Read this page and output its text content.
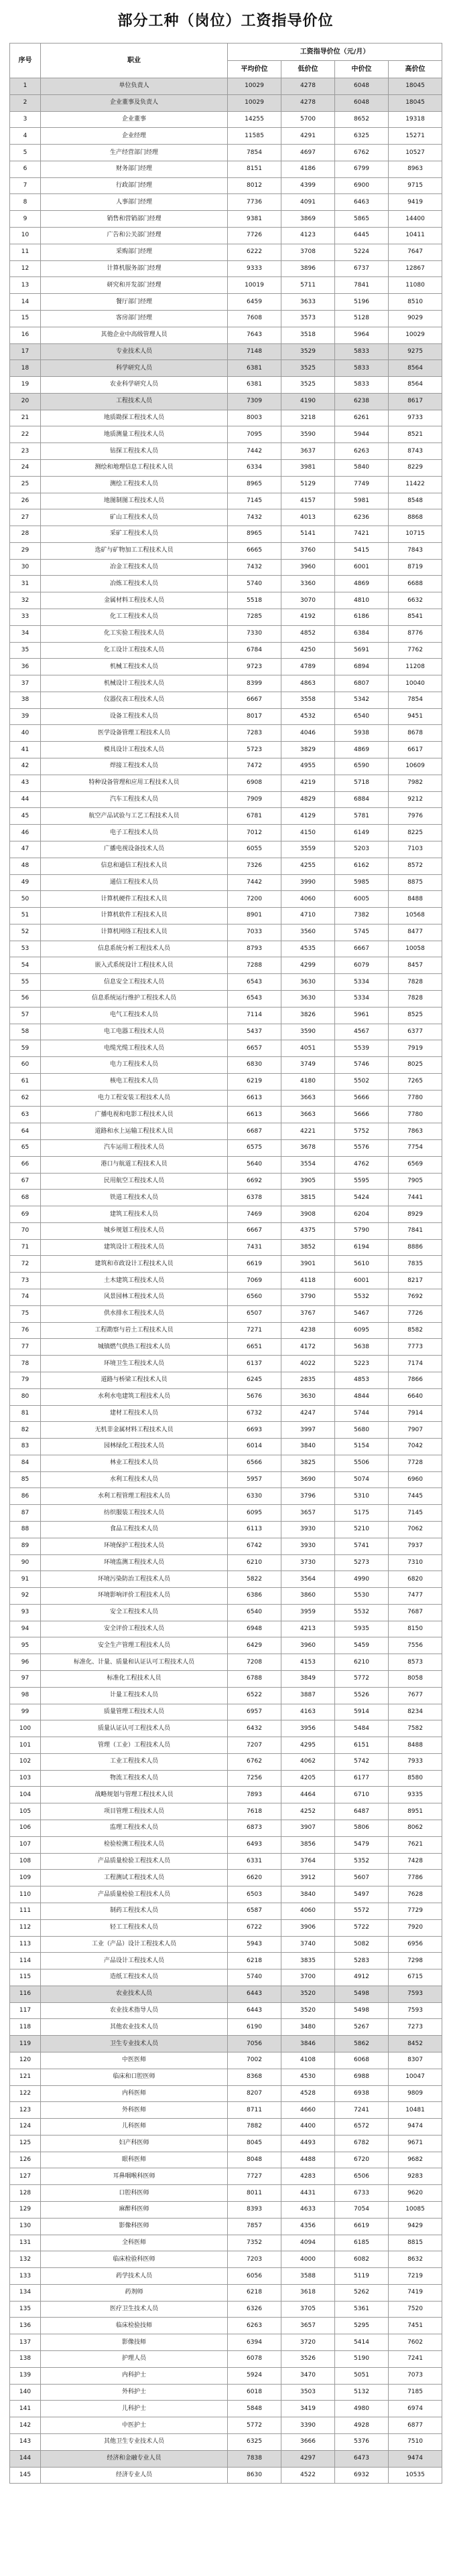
部分工种（岗位）工资指导价位
序号	职业	工资指导价位（元/月）			
		平均价位	低价位	中价位	高价位
1	单位负责人	10029	4278	6048	18045
2	企业董事及负责人	10029	4278	6048	18045
3	企业董事	14255	5700	8652	19318
4	企业经理	11585	4291	6325	15271
5	生产经营部门经理	7854	4697	6762	10527
6	财务部门经理	8151	4186	6799	8963
7	行政部门经理	8012	4399	6900	9715
8	人事部门经理	7736	4091	6463	9419
9	销售和营销部门经理	9381	3869	5865	14400
10	广告和公关部门经理	7726	4123	6445	10411
11	采购部门经理	6222	3708	5224	7647
12	计算机服务部门经理	9333	3896	6737	12867
13	研究和开发部门经理	10019	5711	7841	11080
14	餐厅部门经理	6459	3633	5196	8510
15	客房部门经理	7608	3573	5128	9029
16	其他企业中高级管理人员	7643	3518	5964	10029
17	专业技术人员	7148	3529	5833	9275
18	科学研究人员	6381	3525	5833	8564
19	农业科学研究人员	6381	3525	5833	8564
20	工程技术人员	7309	4190	6238	8617
21	地质勘探工程技术人员	8003	3218	6261	9733
22	地质测量工程技术人员	7095	3590	5944	8521
23	钻探工程技术人员	7442	3637	6263	8743
24	测绘和地理信息工程技术人员	6334	3981	5840	8229
25	测绘工程技术人员	8965	5129	7749	11422
26	地图制图工程技术人员	7145	4157	5981	8548
27	矿山工程技术人员	7432	4013	6236	8868
28	采矿工程技术人员	8965	5141	7421	10715
29	选矿与矿物加工工程技术人员	6665	3760	5415	7843
30	冶金工程技术人员	7432	3960	6001	8719
31	冶炼工程技术人员	5740	3360	4869	6688
32	金属材料工程技术人员	5518	3070	4810	6632
33	化工工程技术人员	7285	4192	6186	8541
34	化工实验工程技术人员	7330	4852	6384	8776
35	化工设计工程技术人员	6784	4250	5691	7762
36	机械工程技术人员	9723	4789	6894	11208
37	机械设计工程技术人员	8399	4863	6807	10040
38	仪器仪表工程技术人员	6667	3558	5342	7854
39	设备工程技术人员	8017	4532	6540	9451
40	医学设备管理工程技术人员	7283	4046	5938	8678
41	模具设计工程技术人员	5723	3829	4869	6617
42	焊接工程技术人员	7472	4955	6590	10609
43	特种设备管理和应用工程技术人员	6908	4219	5718	7982
44	汽车工程技术人员	7909	4829	6884	9212
45	航空产品试验与工艺工程技术人员	6781	4129	5781	7976
46	电子工程技术人员	7012	4150	6149	8225
47	广播电视设备技术人员	6055	3559	5203	7103
48	信息和通信工程技术人员	7326	4255	6162	8572
49	通信工程技术人员	7442	3990	5985	8875
50	计算机硬件工程技术人员	7200	4060	6005	8488
51	计算机软件工程技术人员	8901	4710	7382	10568
52	计算机网络工程技术人员	7033	3560	5745	8477
53	信息系统分析工程技术人员	8793	4535	6667	10058
54	嵌入式系统设计工程技术人员	7288	4299	6079	8457
55	信息安全工程技术人员	6543	3630	5334	7828
56	信息系统运行维护工程技术人员	6543	3630	5334	7828
57	电气工程技术人员	7114	3826	5961	8525
58	电工电器工程技术人员	5437	3590	4567	6377
59	电缆光缆工程技术人员	6657	4051	5539	7919
60	电力工程技术人员	6830	3749	5746	8025
61	核电工程技术人员	6219	4180	5502	7265
62	电力工程安装工程技术人员	6613	3663	5666	7780
63	广播电视和电影工程技术人员	6613	3663	5666	7780
64	道路和水上运输工程技术人员	6687	4221	5752	7863
65	汽车运用工程技术人员	6575	3678	5576	7754
66	港口与航道工程技术人员	5640	3554	4762	6569
67	民用航空工程技术人员	6692	3905	5595	7905
68	铁道工程技术人员	6378	3815	5424	7441
69	建筑工程技术人员	7469	3908	6204	8929
70	城乡规划工程技术人员	6667	4375	5790	7841
71	建筑设计工程技术人员	7431	3852	6194	8886
72	建筑和市政设计工程技术人员	6619	3901	5610	7835
73	土木建筑工程技术人员	7069	4118	6001	8217
74	风景园林工程技术人员	6560	3790	5532	7692
75	供水排水工程技术人员	6507	3767	5467	7726
76	工程勘察与岩土工程技术人员	7271	4238	6095	8582
77	城镇燃气供热工程技术人员	6651	4172	5638	7773
78	环境卫生工程技术人员	6137	4022	5223	7174
79	道路与桥梁工程技术人员	6245	2835	4853	7866
80	水利水电建筑工程技术人员	5676	3630	4844	6640
81	建材工程技术人员	6732	4247	5744	7914
82	无机非金属材料工程技术人员	6693	3997	5680	7907
83	园林绿化工程技术人员	6014	3840	5154	7042
84	林业工程技术人员	6566	3825	5506	7728
85	水利工程技术人员	5957	3690	5074	6960
86	水利工程管理工程技术人员	6330	3796	5310	7445
87	纺织服装工程技术人员	6095	3657	5175	7145
88	食品工程技术人员	6113	3930	5210	7062
89	环境保护工程技术人员	6742	3930	5741	7937
90	环境监测工程技术人员	6210	3730	5273	7310
91	环境污染防治工程技术人员	5822	3564	4990	6820
92	环境影响评价工程技术人员	6386	3860	5530	7477
93	安全工程技术人员	6540	3959	5532	7687
94	安全评价工程技术人员	6948	4213	5935	8150
95	安全生产管理工程技术人员	6429	3960	5459	7556
96	标准化、计量、质量和认证认可工程技术人员	7208	4153	6210	8573
97	标准化工程技术人员	6788	3849	5772	8058
98	计量工程技术人员	6522	3887	5526	7677
99	质量管理工程技术人员	6957	4163	5914	8234
100	质量认证认可工程技术人员	6432	3956	5484	7582
101	管理（工业）工程技术人员	7207	4295	6151	8488
102	工业工程技术人员	6762	4062	5742	7933
103	物流工程技术人员	7256	4205	6177	8580
104	战略规划与管理工程技术人员	7893	4464	6710	9335
105	项目管理工程技术人员	7618	4252	6487	8951
106	监理工程技术人员	6873	3907	5806	8062
107	检验检测工程技术人员	6493	3856	5479	7621
108	产品质量检验工程技术人员	6331	3764	5352	7428
109	工程测试工程技术人员	6620	3912	5607	7786
110	产品质量检验工程技术人员	6503	3840	5497	7628
111	制药工程技术人员	6587	4060	5572	7729
112	轻工工程技术人员	6722	3906	5722	7920
113	工业（产品）设计工程技术人员	5943	3740	5082	6956
114	产品设计工程技术人员	6218	3835	5283	7298
115	造纸工程技术人员	5740	3700	4912	6715
116	农业技术人员	6443	3520	5498	7593
117	农业技术指导人员	6443	3520	5498	7593
118	其他农业技术人员	6190	3480	5267	7273
119	卫生专业技术人员	7056	3846	5862	8452
120	中医医师	7002	4108	6068	8307
121	临床和口腔医师	8368	4530	6988	10047
122	内科医师	8207	4528	6938	9809
123	外科医师	8711	4660	7241	10481
124	儿科医师	7882	4400	6572	9474
125	妇产科医师	8045	4493	6782	9671
126	眼科医师	8048	4488	6720	9682
127	耳鼻咽喉科医师	7727	4283	6506	9283
128	口腔科医师	8011	4431	6733	9620
129	麻醉科医师	8393	4633	7054	10085
130	影像科医师	7857	4356	6619	9429
131	全科医师	7352	4094	6185	8815
132	临床检验科医师	7203	4000	6082	8632
133	药学技术人员	6056	3588	5119	7219
134	药剂师	6218	3618	5262	7419
135	医疗卫生技术人员	6326	3705	5361	7520
136	临床检验技师	6263	3657	5295	7451
137	影像技师	6394	3720	5414	7602
138	护理人员	6078	3526	5190	7241
139	内科护士	5924	3470	5051	7073
140	外科护士	6018	3503	5132	7185
141	儿科护士	5848	3419	4980	6974
142	中医护士	5772	3390	4928	6877
143	其他卫生专业技术人员	6325	3666	5376	7510
144	经济和金融专业人员	7838	4297	6473	9474
145	经济专业人员	8630	4522	6932	10535
